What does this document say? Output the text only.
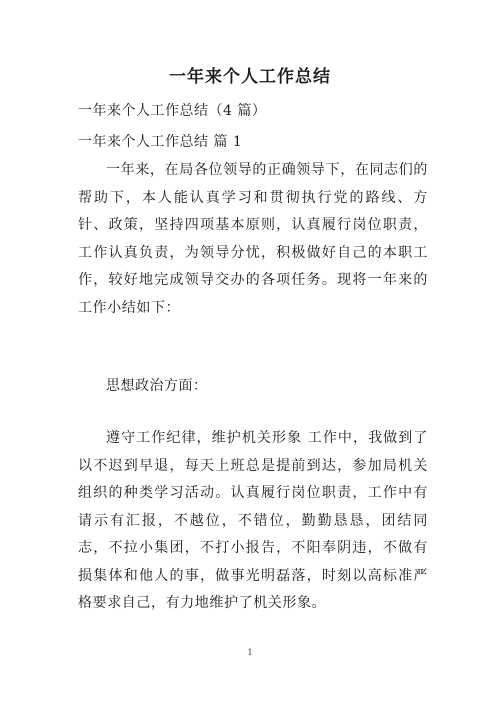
一年来个人工作总结
一年来个人工作总结（4 篇）
一年来个人工作总结 篇 1

一年来，在局各位领导的正确领导下，在同志们的帮助下，本人能认真学习和贯彻执行党的路线、方针、政策，坚持四项基本原则，认真履行岗位职责，工作认真负责，为领导分忧，积极做好自己的本职工作，较好地完成领导交办的各项任务。现将一年来的工作小结如下：

思想政治方面：

遵守工作纪律，维护机关形象 工作中，我做到了以不迟到早退，每天上班总是提前到达，参加局机关组织的种类学习活动。认真履行岗位职责，工作中有请示有汇报，不越位，不错位，勤勤恳恳，团结同志，不拉小集团，不打小报告，不阳奉阴违，不做有损集体和他人的事，做事光明磊落，时刻以高标准严格要求自己，有力地维护了机关形象。

1
